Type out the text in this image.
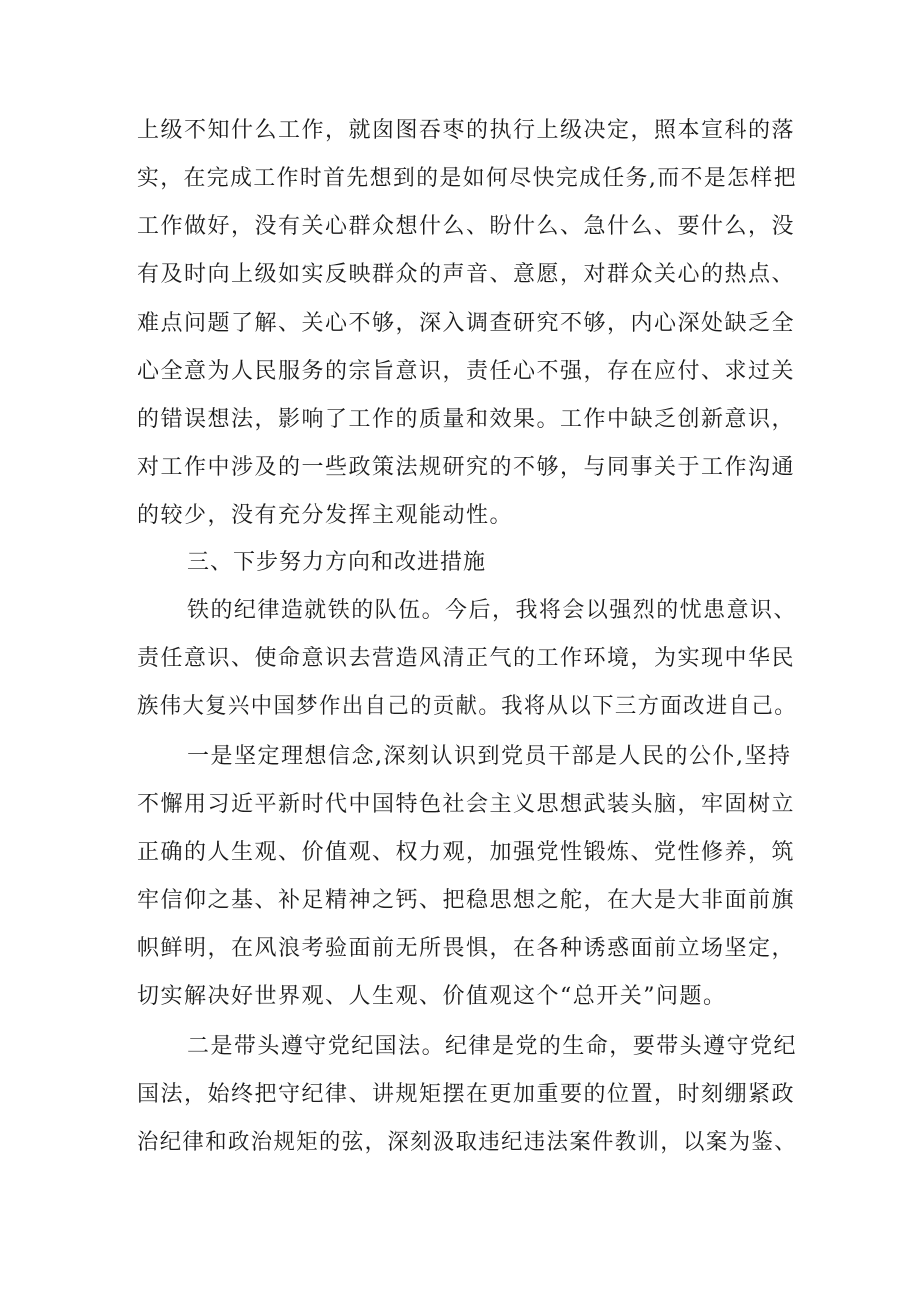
上级不知什么工作，就囱图吞枣的执行上级决定，照本宣科的落
实，在完成工作时首先想到的是如何尽快完成任务,而不是怎样把
工作做好，没有关心群众想什么、盼什么、急什么、要什么，没
有及时向上级如实反映群众的声音、意愿，对群众关心的热点、
难点问题了解、关心不够，深入调查研究不够，内心深处缺乏全
心全意为人民服务的宗旨意识，责任心不强，存在应付、求过关
的错误想法，影响了工作的质量和效果。工作中缺乏创新意识，
对工作中涉及的一些政策法规研究的不够，与同事关于工作沟通
的较少，没有充分发挥主观能动性。
三、下步努力方向和改进措施
铁的纪律造就铁的队伍。今后，我将会以强烈的忧患意识、
责任意识、使命意识去营造风清正气的工作环境，为实现中华民
族伟大复兴中国梦作出自己的贡献。我将从以下三方面改进自己。
一是坚定理想信念,深刻认识到党员干部是人民的公仆,坚持
不懈用习近平新时代中国特色社会主义思想武装头脑，牢固树立
正确的人生观、价值观、权力观，加强党性锻炼、党性修养，筑
牢信仰之基、补足精神之钙、把稳思想之舵，在大是大非面前旗
帜鲜明，在风浪考验面前无所畏惧，在各种诱惑面前立场坚定，
切实解决好世界观、人生观、价值观这个“总开关”问题。
二是带头遵守党纪国法。纪律是党的生命，要带头遵守党纪
国法，始终把守纪律、讲规矩摆在更加重要的位置，时刻绷紧政
治纪律和政治规矩的弦，深刻汲取违纪违法案件教训，以案为鉴、
